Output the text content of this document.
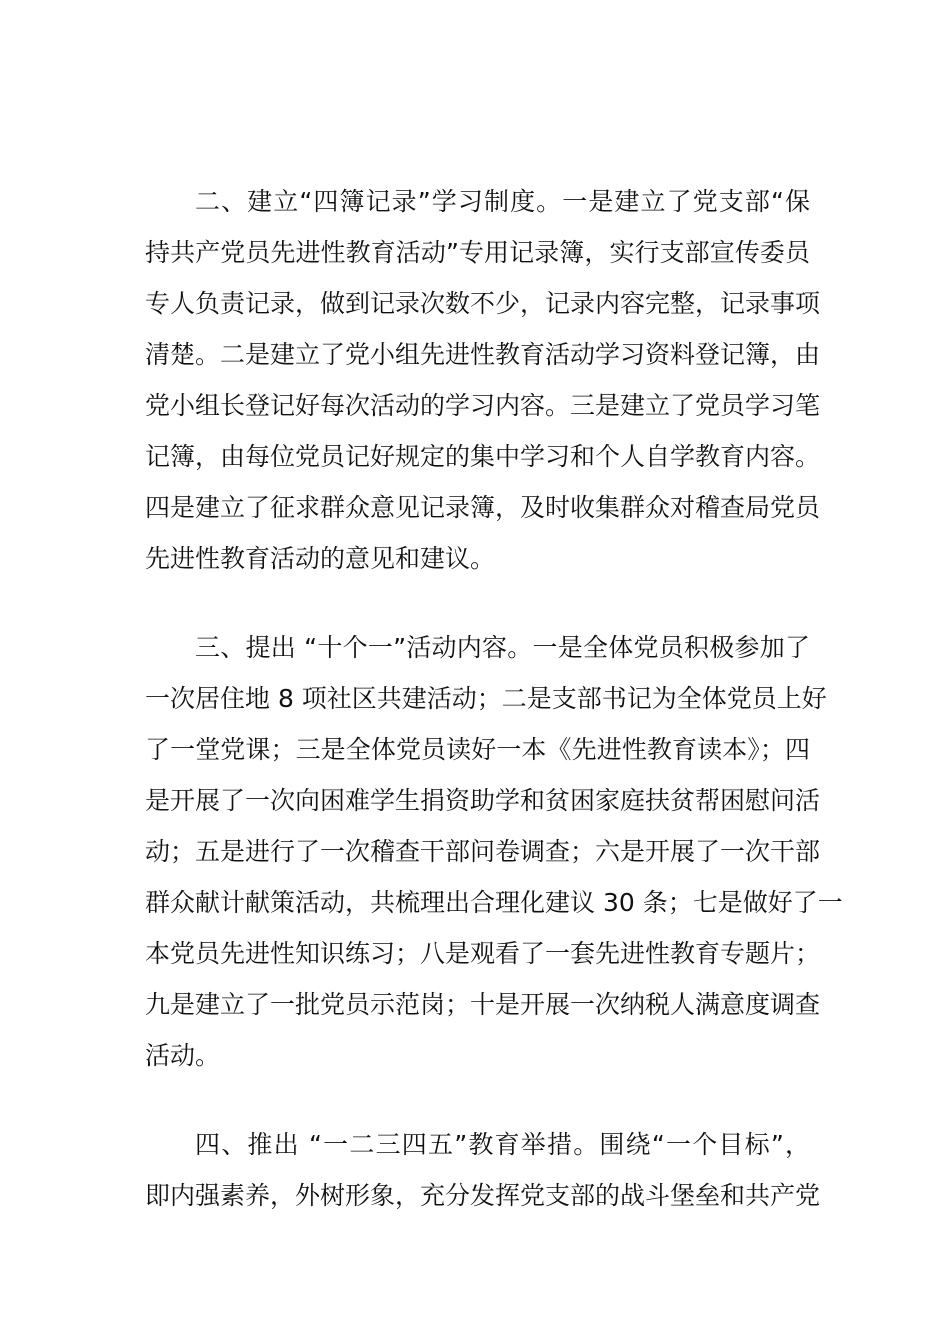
二、建立“四簿记录”学习制度。一是建立了党支部“保
持共产党员先进性教育活动”专用记录簿，实行支部宣传委员
专人负责记录，做到记录次数不少，记录内容完整，记录事项
清楚。二是建立了党小组先进性教育活动学习资料登记簿，由
党小组长登记好每次活动的学习内容。三是建立了党员学习笔
记簿，由每位党员记好规定的集中学习和个人自学教育内容。
四是建立了征求群众意见记录簿，及时收集群众对稽查局党员
先进性教育活动的意见和建议。
三、提出 “十个一”活动内容。一是全体党员积极参加了
一次居住地 8 项社区共建活动；二是支部书记为全体党员上好
了一堂党课；三是全体党员读好一本《先进性教育读本》；四
是开展了一次向困难学生捐资助学和贫困家庭扶贫帮困慰问活
动；五是进行了一次稽查干部问卷调查；六是开展了一次干部
群众献计献策活动，共梳理出合理化建议 30 条；七是做好了一
本党员先进性知识练习；八是观看了一套先进性教育专题片；
九是建立了一批党员示范岗；十是开展一次纳税人满意度调查
活动。
四、推出 “一二三四五”教育举措。围绕“一个目标”，
即内强素养，外树形象，充分发挥党支部的战斗堡垒和共产党
